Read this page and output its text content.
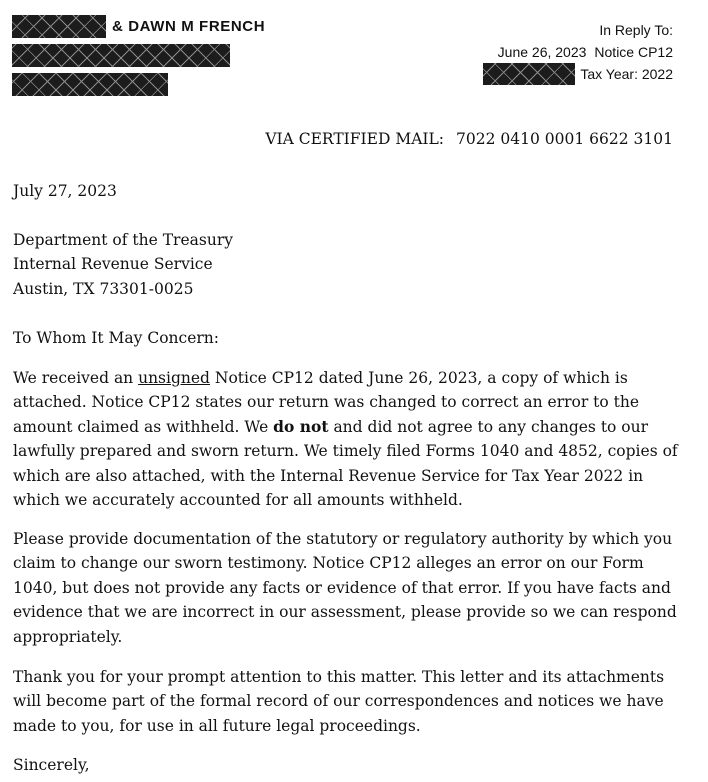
& DAWN M FRENCH	In Reply To:
June 26, 2023 Notice CP12
Tax Year: 2022
VIA CERTIFIED MAIL: 7022 0410 0001 6622 3101
July 27, 2023
Department of the Treasury
Internal Revenue Service
Austin, TX 73301-0025
To Whom It May Concern:

We received an unsigned Notice CP12 dated June 26, 2023, a copy of which is attached. Notice CP12 states our return was changed to correct an error to the amount claimed as withheld. We do not and did not agree to any changes to our lawfully prepared and sworn return. We timely filed Forms 1040 and 4852, copies of which are also attached, with the Internal Revenue Service for Tax Year 2022 in which we accurately accounted for all amounts withheld.

Please provide documentation of the statutory or regulatory authority by which you claim to change our sworn testimony. Notice CP12 alleges an error on our Form 1040, but does not provide any facts or evidence of that error. If you have facts and evidence that we are incorrect in our assessment, please provide so we can respond appropriately.

Thank you for your prompt attention to this matter. This letter and its attachments will become part of the formal record of our correspondences and notices we have made to you, for use in all future legal proceedings.

Sincerely,
